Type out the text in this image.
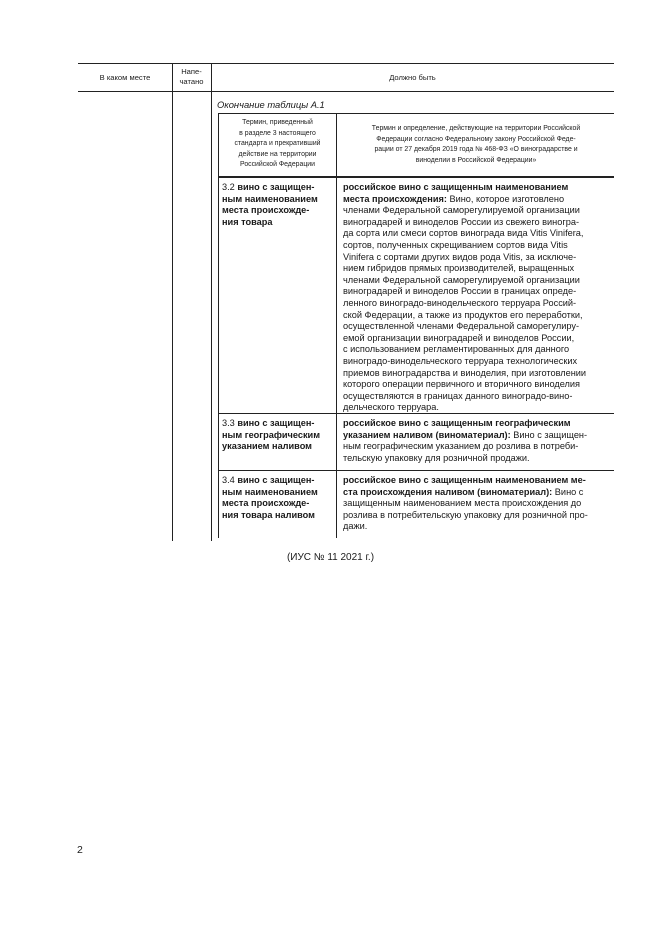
В каком месте
Напе-
чатано	Должно быть
Окончание таблицы А.1
Термин, приведенный
в разделе 3 настоящего
стандарта и прекративший
действие на территории
Российской Федерации
Термин и определение, действующие на территории Российской
Федерации согласно Федеральному закону Российской Феде-
рации от 27 декабря 2019 года № 468-ФЗ «О виноградарстве и
виноделии в Российской Федерации»
3.2 вино с защищен-
ным наименованием
места происхожде-
ния товара
российское вино с защищенным наименованием
места происхождения: Вино, которое изготовлено
членами Федеральной саморегулируемой организации
виноградарей и виноделов России из свежего виногра-
да сорта или смеси сортов винограда вида Vitis Vinifera,
сортов, полученных скрещиванием сортов вида Vitis
Vinifera с сортами других видов рода Vitis, за исключе-
нием гибридов прямых производителей, выращенных
членами Федеральной саморегулируемой организации
виноградарей и виноделов России в границах опреде-
ленного виноградо-винодельческого терруара Россий-
ской Федерации, а также из продуктов его переработки,
осуществленной членами Федеральной саморегулиру-
емой организации виноградарей и виноделов России,
с использованием регламентированных для данного
виноградо-винодельческого терруара технологических
приемов виноградарства и виноделия, при изготовлении
которого операции первичного и вторичного виноделия
осуществляются в границах данного виноградо-вино-
дельческого терруара.
3.3 вино с защищен-
ным географическим
указанием наливом
российское вино с защищенным географическим
указанием наливом (виноматериал): Вино с защищен-
ным географическим указанием до розлива в потреби-
тельскую упаковку для розничной продажи.
3.4 вино с защищен-
ным наименованием
места происхожде-
ния товара наливом
российское вино с защищенным наименованием ме-
ста происхождения наливом (виноматериал): Вино с
защищенным наименованием места происхождения до
розлива в потребительскую упаковку для розничной про-
дажи.
(ИУС № 11 2021 г.)
2
